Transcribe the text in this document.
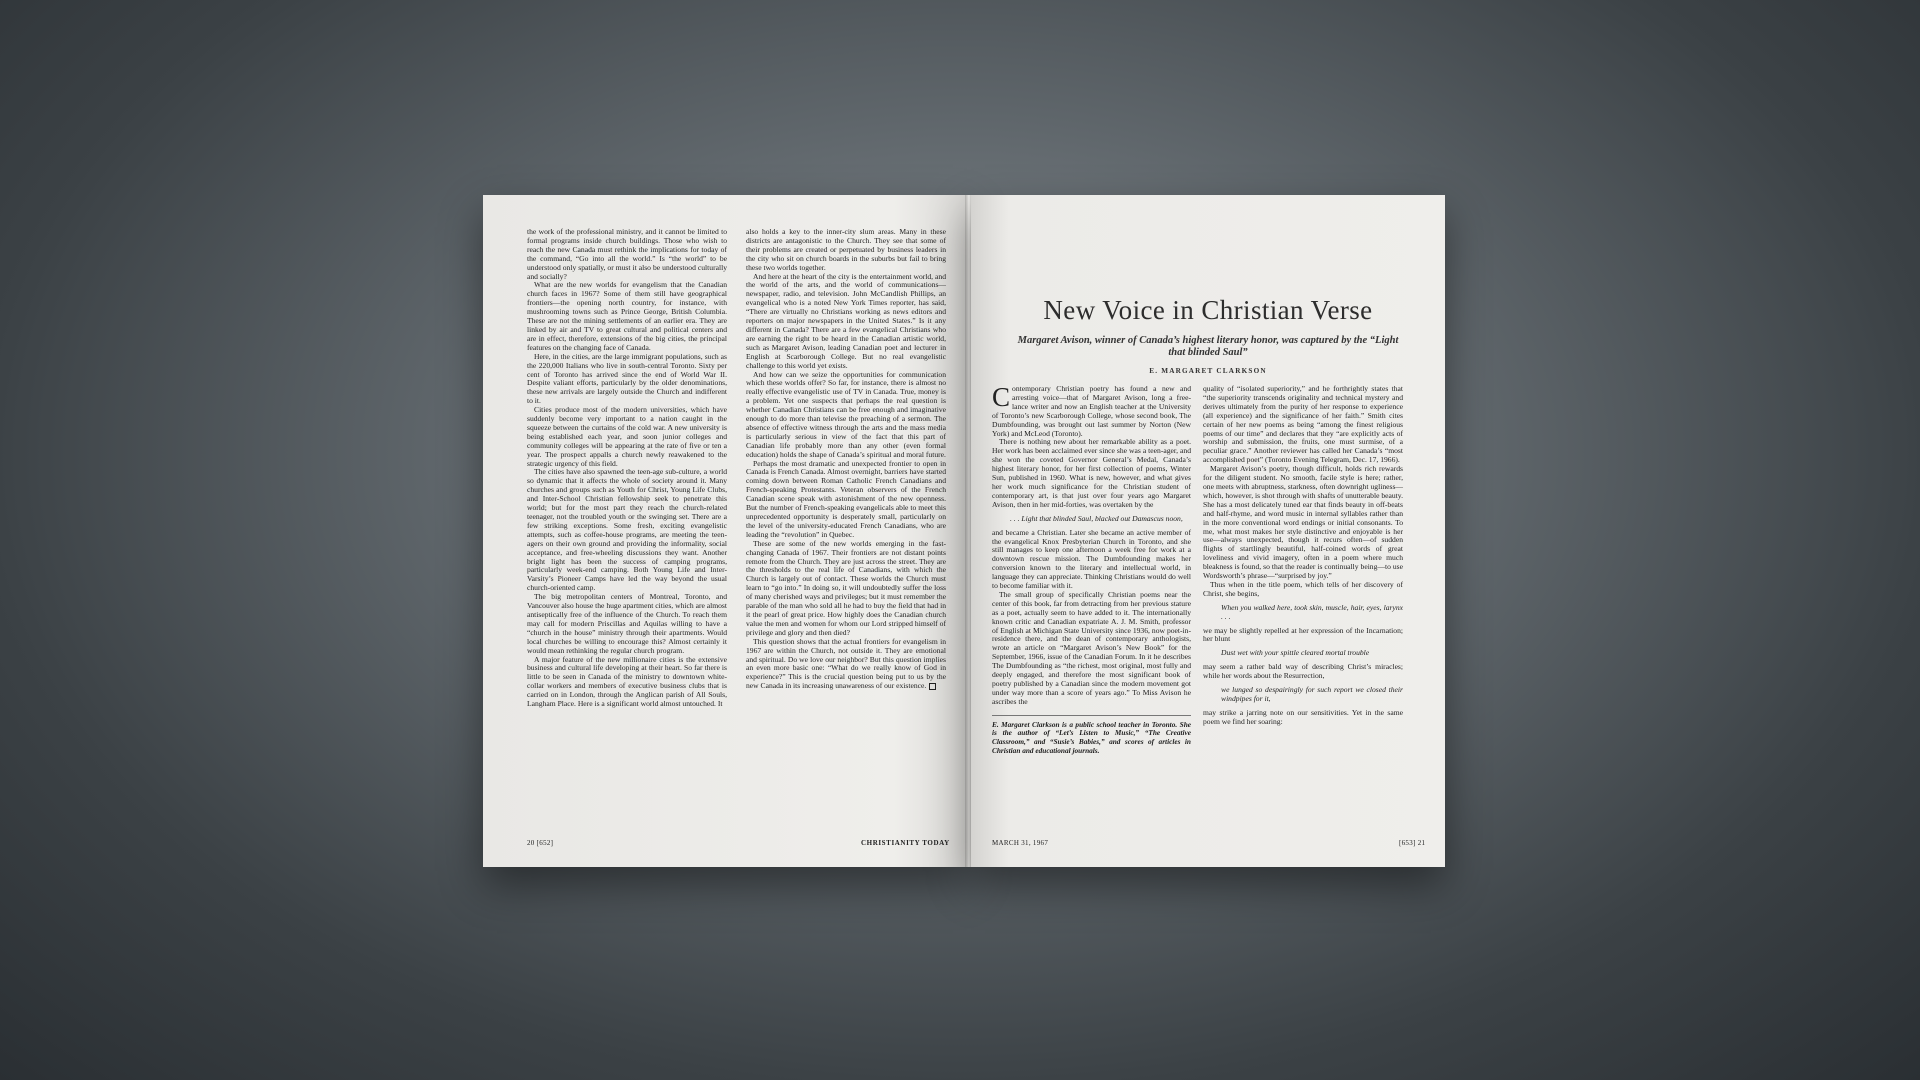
the work of the professional ministry, and it cannot be limited to formal programs inside church buildings. Those who wish to reach the new Canada must rethink the implications for today of the command, “Go into all the world.” Is “the world” to be understood only spatially, or must it also be understood culturally and socially?

What are the new worlds for evangelism that the Canadian church faces in 1967? Some of them still have geographical frontiers—the opening north country, for instance, with mushrooming towns such as Prince George, British Columbia. These are not the mining settlements of an earlier era. They are linked by air and TV to great cultural and political centers and are in effect, therefore, extensions of the big cities, the principal features on the changing face of Canada.

Here, in the cities, are the large immigrant populations, such as the 220,000 Italians who live in south-central Toronto. Sixty per cent of Toronto has arrived since the end of World War II. Despite valiant efforts, particularly by the older denominations, these new arrivals are largely outside the Church and indifferent to it.

Cities produce most of the modern universities, which have suddenly become very important to a nation caught in the squeeze between the curtains of the cold war. A new university is being established each year, and soon junior colleges and community colleges will be appearing at the rate of five or ten a year. The prospect appalls a church newly reawakened to the strategic urgency of this field.

The cities have also spawned the teen-age sub-culture, a world so dynamic that it affects the whole of society around it. Many churches and groups such as Youth for Christ, Young Life Clubs, and Inter-School Christian fellowship seek to penetrate this world; but for the most part they reach the church-related teenager, not the troubled youth or the swinging set. There are a few striking exceptions. Some fresh, exciting evangelistic attempts, such as coffee-house programs, are meeting the teen-agers on their own ground and providing the informality, social acceptance, and free-wheeling discussions they want. Another bright light has been the success of camping programs, particularly week-end camping. Both Young Life and Inter-Varsity’s Pioneer Camps have led the way beyond the usual church-oriented camp.

The big metropolitan centers of Montreal, Toronto, and Vancouver also house the huge apartment cities, which are almost antiseptically free of the influence of the Church. To reach them may call for modern Priscillas and Aquilas willing to have a “church in the house” ministry through their apartments. Would local churches be willing to encourage this? Almost certainly it would mean rethinking the regular church program.

A major feature of the new millionaire cities is the extensive business and cultural life developing at their heart. So far there is little to be seen in Canada of the ministry to downtown white-collar workers and members of executive business clubs that is carried on in London, through the Anglican parish of All Souls, Langham Place. Here is a significant world almost untouched. It

also holds a key to the inner-city slum areas. Many in these districts are antagonistic to the Church. They see that some of their problems are created or perpetuated by business leaders in the city who sit on church boards in the suburbs but fail to bring these two worlds together.

And here at the heart of the city is the entertainment world, and the world of the arts, and the world of communications—newspaper, radio, and television. John McCandlish Phillips, an evangelical who is a noted New York Times reporter, has said, “There are virtually no Christians working as news editors and reporters on major newspapers in the United States.” Is it any different in Canada? There are a few evangelical Christians who are earning the right to be heard in the Canadian artistic world, such as Margaret Avison, leading Canadian poet and lecturer in English at Scarborough College. But no real evangelistic challenge to this world yet exists.

And how can we seize the opportunities for communication which these worlds offer? So far, for instance, there is almost no really effective evangelistic use of TV in Canada. True, money is a problem. Yet one suspects that perhaps the real question is whether Canadian Christians can be free enough and imaginative enough to do more than televise the preaching of a sermon. The absence of effective witness through the arts and the mass media is particularly serious in view of the fact that this part of Canadian life probably more than any other (even formal education) holds the shape of Canada’s spiritual and moral future.

Perhaps the most dramatic and unexpected frontier to open in Canada is French Canada. Almost overnight, barriers have started coming down between Roman Catholic French Canadians and French-speaking Protestants. Veteran observers of the French Canadian scene speak with astonishment of the new openness. But the number of French-speaking evangelicals able to meet this unprecedented opportunity is desperately small, particularly on the level of the university-educated French Canadians, who are leading the “revolution” in Quebec.

These are some of the new worlds emerging in the fast-changing Canada of 1967. Their frontiers are not distant points remote from the Church. They are just across the street. They are the thresholds to the real life of Canadians, with which the Church is largely out of contact. These worlds the Church must learn to “go into.” In doing so, it will undoubtedly suffer the loss of many cherished ways and privileges; but it must remember the parable of the man who sold all he had to buy the field that had in it the pearl of great price. How highly does the Canadian church value the men and women for whom our Lord stripped himself of privilege and glory and then died?

This question shows that the actual frontiers for evangelism in 1967 are within the Church, not outside it. They are emotional and spiritual. Do we love our neighbor? But this question implies an even more basic one: “What do we really know of God in experience?” This is the crucial question being put to us by the new Canada in its increasing unawareness of our existence.

20 [652]	CHRISTIANITY TODAY
New Voice in Christian Verse
Margaret Avison, winner of Canada’s highest literary honor, was captured by the “Light that blinded Saul”
E. MARGARET CLARKSON

Contemporary Christian poetry has found a new and arresting voice—that of Margaret Avison, long a free-lance writer and now an English teacher at the University of Toronto’s new Scarborough College, whose second book, The Dumbfounding, was brought out last summer by Norton (New York) and McLeod (Toronto).

There is nothing new about her remarkable ability as a poet. Her work has been acclaimed ever since she was a teen-ager, and she won the coveted Governor General’s Medal, Canada’s highest literary honor, for her first collection of poems, Winter Sun, published in 1960. What is new, however, and what gives her work much significance for the Christian student of contemporary art, is that just over four years ago Margaret Avison, then in her mid-forties, was overtaken by the

. . . Light that blinded Saul, blacked out Damascus noon,

and became a Christian. Later she became an active member of the evangelical Knox Presbyterian Church in Toronto, and she still manages to keep one afternoon a week free for work at a downtown rescue mission. The Dumbfounding makes her conversion known to the literary and intellectual world, in language they can appreciate. Thinking Christians would do well to become familiar with it.

The small group of specifically Christian poems near the center of this book, far from detracting from her previous stature as a poet, actually seem to have added to it. The internationally known critic and Canadian expatriate A. J. M. Smith, professor of English at Michigan State University since 1936, now poet-in-residence there, and the dean of contemporary anthologists, wrote an article on “Margaret Avison’s New Book” for the September, 1966, issue of the Canadian Forum. In it he describes The Dumbfounding as “the richest, most original, most fully and deeply engaged, and therefore the most significant book of poetry published by a Canadian since the modern movement got under way more than a score of years ago.” To Miss Avison he ascribes the

E. Margaret Clarkson is a public school teacher in Toronto. She is the author of “Let’s Listen to Music,” “The Creative Classroom,” and “Susie’s Babies,” and scores of articles in Christian and educational journals.

quality of “isolated superiority,” and he forthrightly states that “the superiority transcends originality and technical mystery and derives ultimately from the purity of her response to experience (all experience) and the significance of her faith.” Smith cites certain of her new poems as being “among the finest religious poems of our time” and declares that they “are explicitly acts of worship and submission, the fruits, one must surmise, of a peculiar grace.” Another reviewer has called her Canada’s “most accomplished poet” (Toronto Evening Telegram, Dec. 17, 1966).

Margaret Avison’s poetry, though difficult, holds rich rewards for the diligent student. No smooth, facile style is here; rather, one meets with abruptness, starkness, often downright ugliness—which, however, is shot through with shafts of unutterable beauty. She has a most delicately tuned ear that finds beauty in off-beats and half-rhyme, and word music in internal syllables rather than in the more conventional word endings or initial consonants. To me, what most makes her style distinctive and enjoyable is her use—always unexpected, though it recurs often—of sudden flights of startlingly beautiful, half-coined words of great loveliness and vivid imagery, often in a poem where much bleakness is found, so that the reader is continually being—to use Wordsworth’s phrase—“surprised by joy.”

Thus when in the title poem, which tells of her discovery of Christ, she begins,

When you walked here, took skin, muscle, hair, eyes, larynx . . .

we may be slightly repelled at her expression of the Incarnation; her blunt

Dust wet with your spittle cleared mortal trouble

may seem a rather bald way of describing Christ’s miracles; while her words about the Resurrection,

we lunged so despairingly for such report we closed their windpipes for it,

may strike a jarring note on our sensitivities. Yet in the same poem we find her soaring:

MARCH 31, 1967	[653] 21
